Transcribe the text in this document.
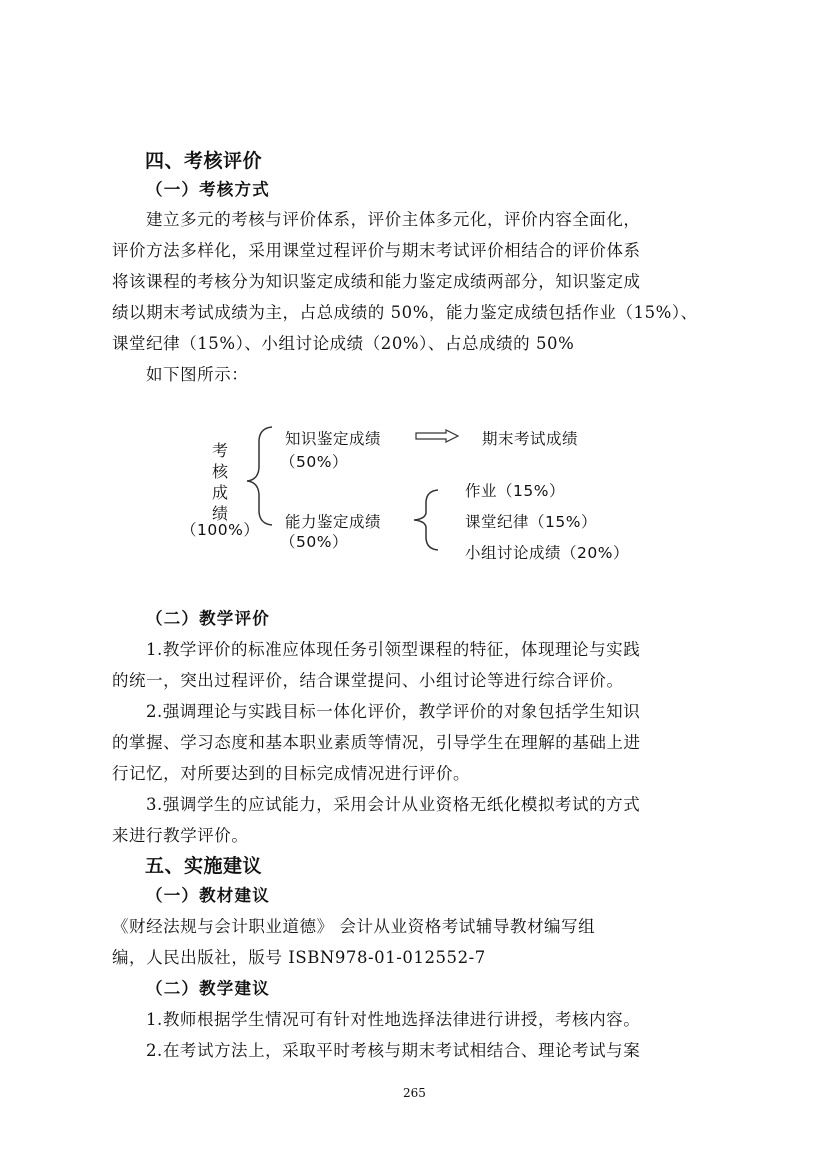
四、考核评价
（一）考核方式
建立多元的考核与评价体系，评价主体多元化，评价内容全面化，
评价方法多样化，采用课堂过程评价与期末考试评价相结合的评价体系
将该课程的考核分为知识鉴定成绩和能力鉴定成绩两部分，知识鉴定成
绩以期末考试成绩为主，占总成绩的 50%，能力鉴定成绩包括作业（15%）、
课堂纪律（15%）、小组讨论成绩（20%）、占总成绩的 50%
如下图所示：
考
核
成
绩
（100%）
知识鉴定成绩
（50%）
期末考试成绩
能力鉴定成绩
（50%）
作业（15%）
课堂纪律（15%）
小组讨论成绩（20%）
（二）教学评价
1.教学评价的标准应体现任务引领型课程的特征，体现理论与实践
的统一，突出过程评价，结合课堂提问、小组讨论等进行综合评价。
2.强调理论与实践目标一体化评价，教学评价的对象包括学生知识
的掌握、学习态度和基本职业素质等情况，引导学生在理解的基础上进
行记忆，对所要达到的目标完成情况进行评价。
3.强调学生的应试能力，采用会计从业资格无纸化模拟考试的方式
来进行教学评价。
五、实施建议
（一）教材建议
《财经法规与会计职业道德》 会计从业资格考试辅导教材编写组
编，人民出版社，版号 ISBN978-01-012552-7
（二）教学建议
1.教师根据学生情况可有针对性地选择法律进行讲授，考核内容。
2.在考试方法上，采取平时考核与期末考试相结合、理论考试与案
265
